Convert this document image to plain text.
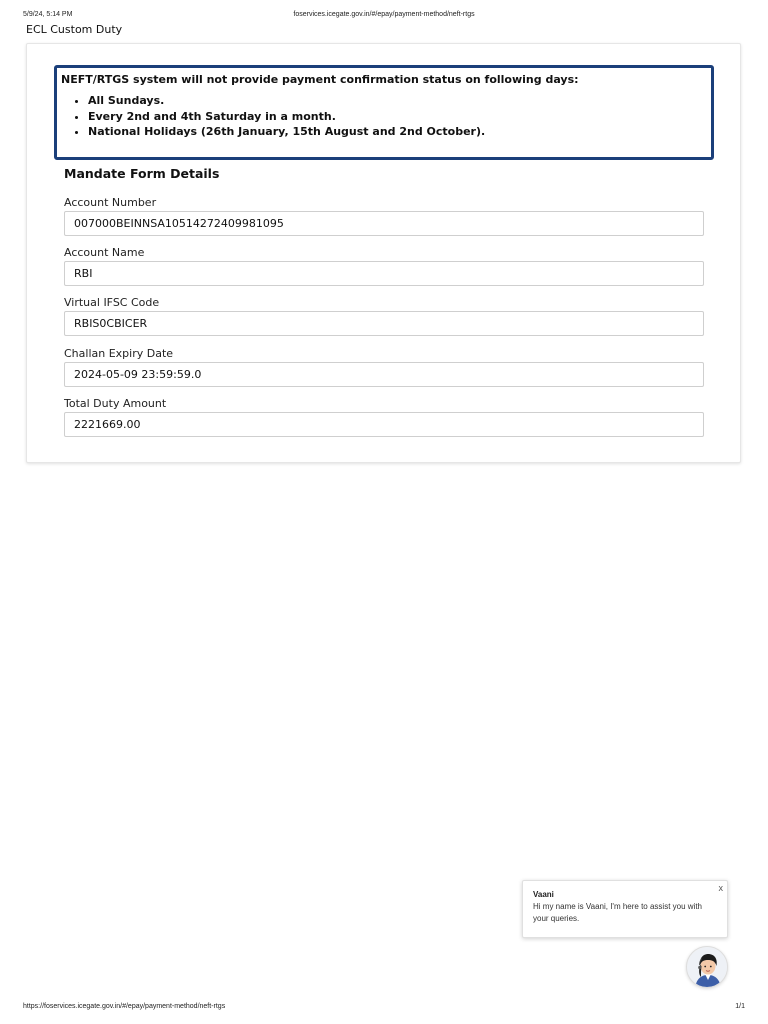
5/9/24, 5:14 PM	foservices.icegate.gov.in/#/epay/payment-method/neft-rtgs
ECL Custom Duty
NEFT/RTGS system will not provide payment confirmation status on following days:
• All Sundays.
• Every 2nd and 4th Saturday in a month.
• National Holidays (26th January, 15th August and 2nd October).
Mandate Form Details
Account Number
007000BEINNSA10514272409981095
Account Name
RBI
Virtual IFSC Code
RBIS0CBICER
Challan Expiry Date
2024-05-09 23:59:59.0
Total Duty Amount
2221669.00
x
Vaani
Hi my name is Vaani, I'm here to assist you with your queries.
https://foservices.icegate.gov.in/#/epay/payment-method/neft-rtgs	1/1
